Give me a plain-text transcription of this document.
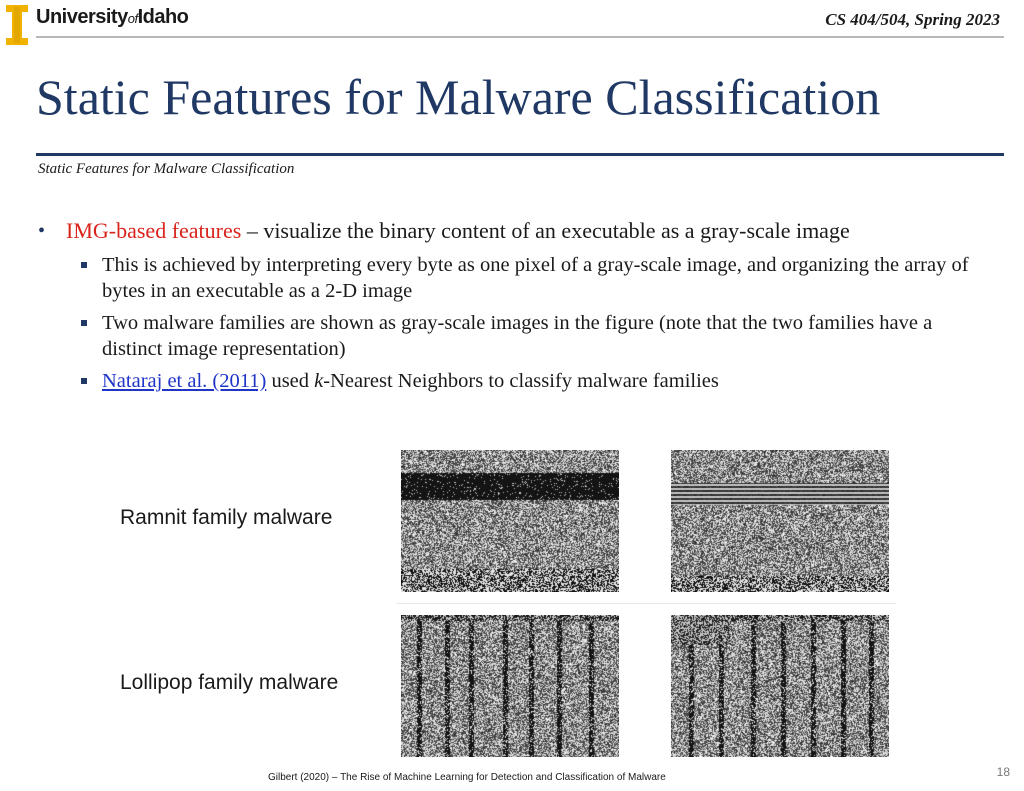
UniversityofIdaho	CS 404/504, Spring 2023
Static Features for Malware Classification
Static Features for Malware Classification
• IMG-based features – visualize the binary content of an executable as a gray-scale image
This is achieved by interpreting every byte as one pixel of a gray-scale image, and organizing the array of bytes in an executable as a 2-D image
Two malware families are shown as gray-scale images in the figure (note that the two families have a distinct image representation)
Nataraj et al. (2011) used k-Nearest Neighbors to classify malware families
Ramnit family malware
Lollipop family malware
Gilbert (2020) – The Rise of Machine Learning for Detection and Classification of Malware	18
